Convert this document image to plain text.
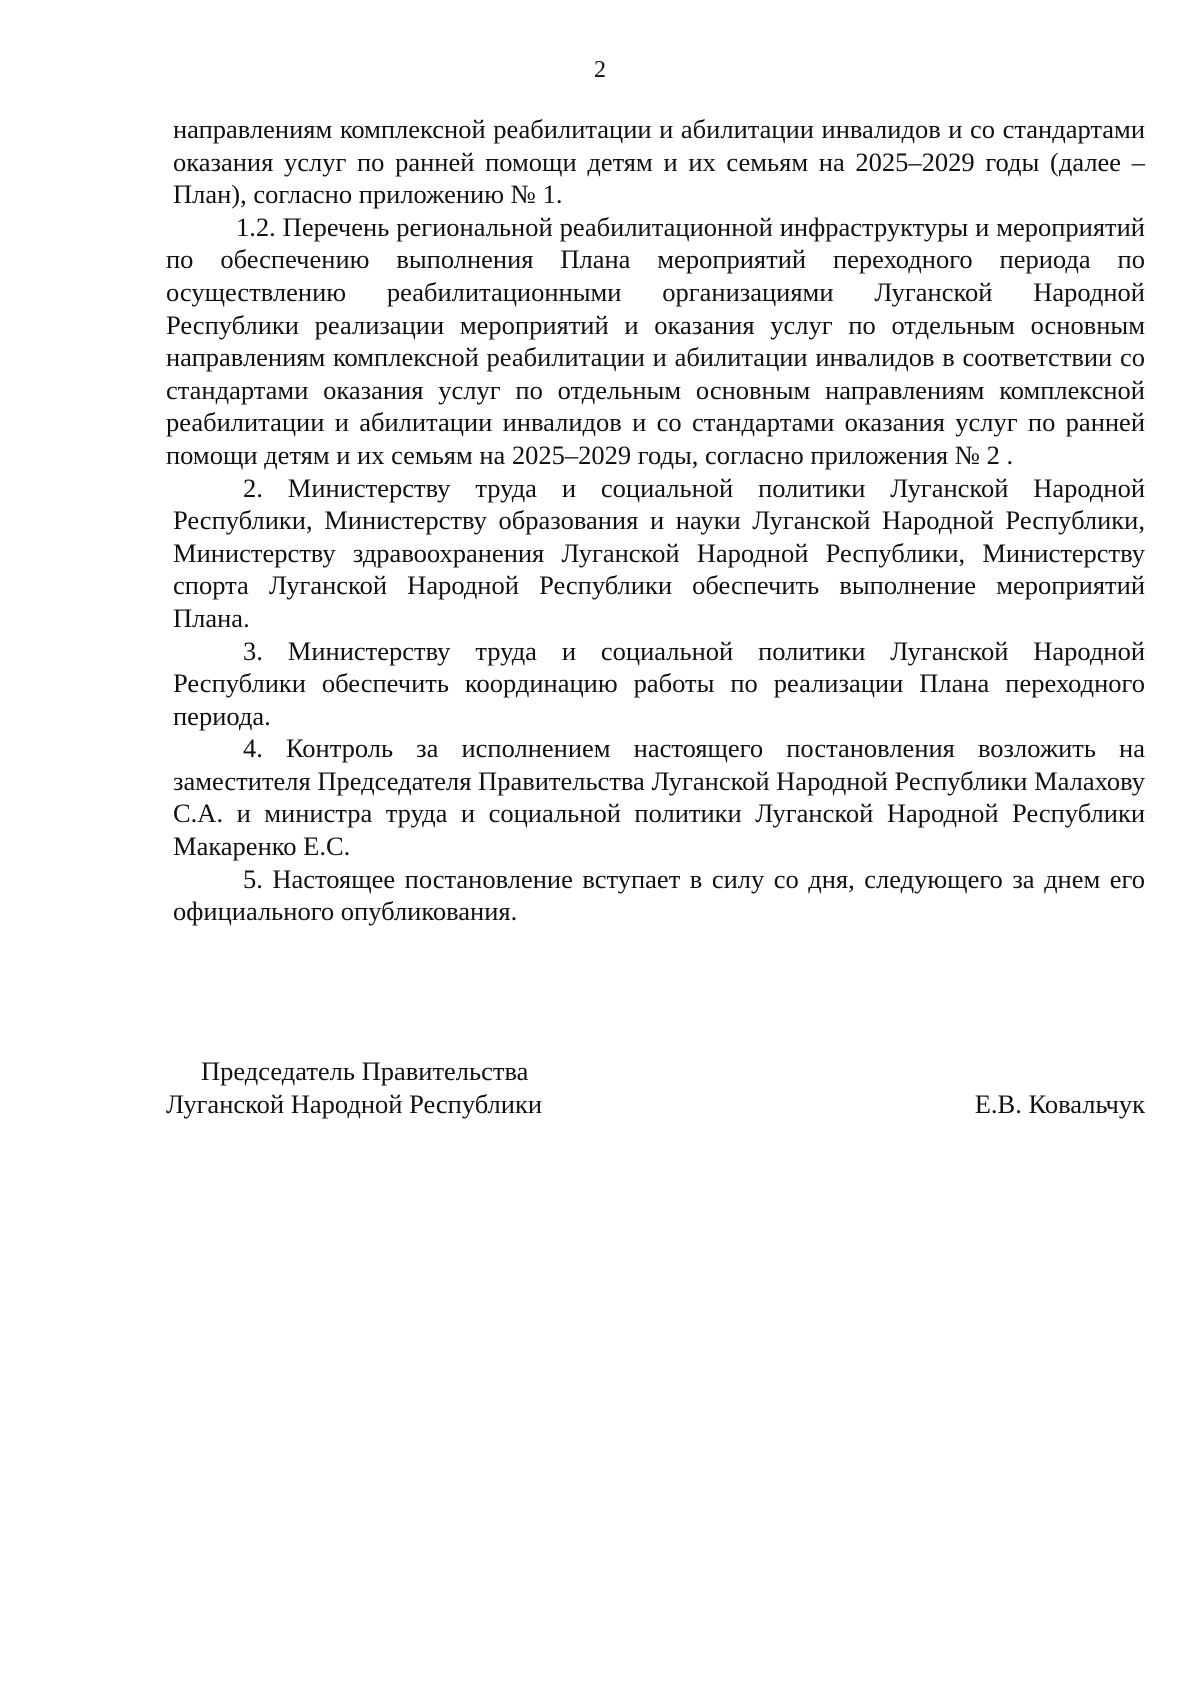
2

направлениям комплексной реабилитации и абилитации инвалидов и со стандартами оказания услуг по ранней помощи детям и их семьям на 2025–2029 годы (далее – План), согласно приложению № 1.

1.2. Перечень региональной реабилитационной инфраструктуры и мероприятий по обеспечению выполнения Плана мероприятий переходного периода по осуществлению реабилитационными организациями Луганской Народной Республики реализации мероприятий и оказания услуг по отдельным основным направлениям комплексной реабилитации и абилитации инвалидов в соответствии со стандартами оказания услуг по отдельным основным направлениям комплексной реабилитации и абилитации инвалидов и со стандартами оказания услуг по ранней помощи детям и их семьям на 2025–2029 годы, согласно приложения № 2 .

2. Министерству труда и социальной политики Луганской Народной Республики, Министерству образования и науки Луганской Народной Республики, Министерству здравоохранения Луганской Народной Республики, Министерству спорта Луганской Народной Республики обеспечить выполнение мероприятий Плана.

3. Министерству труда и социальной политики Луганской Народной Республики обеспечить координацию работы по реализации Плана переходного периода.

4. Контроль за исполнением настоящего постановления возложить на заместителя Председателя Правительства Луганской Народной Республики Малахову С.А. и министра труда и социальной политики Луганской Народной Республики Макаренко Е.С.

5. Настоящее постановление вступает в силу со дня, следующего за днем его официального опубликования.

Председатель Правительства
Луганской Народной Республики	Е.В. Ковальчук
